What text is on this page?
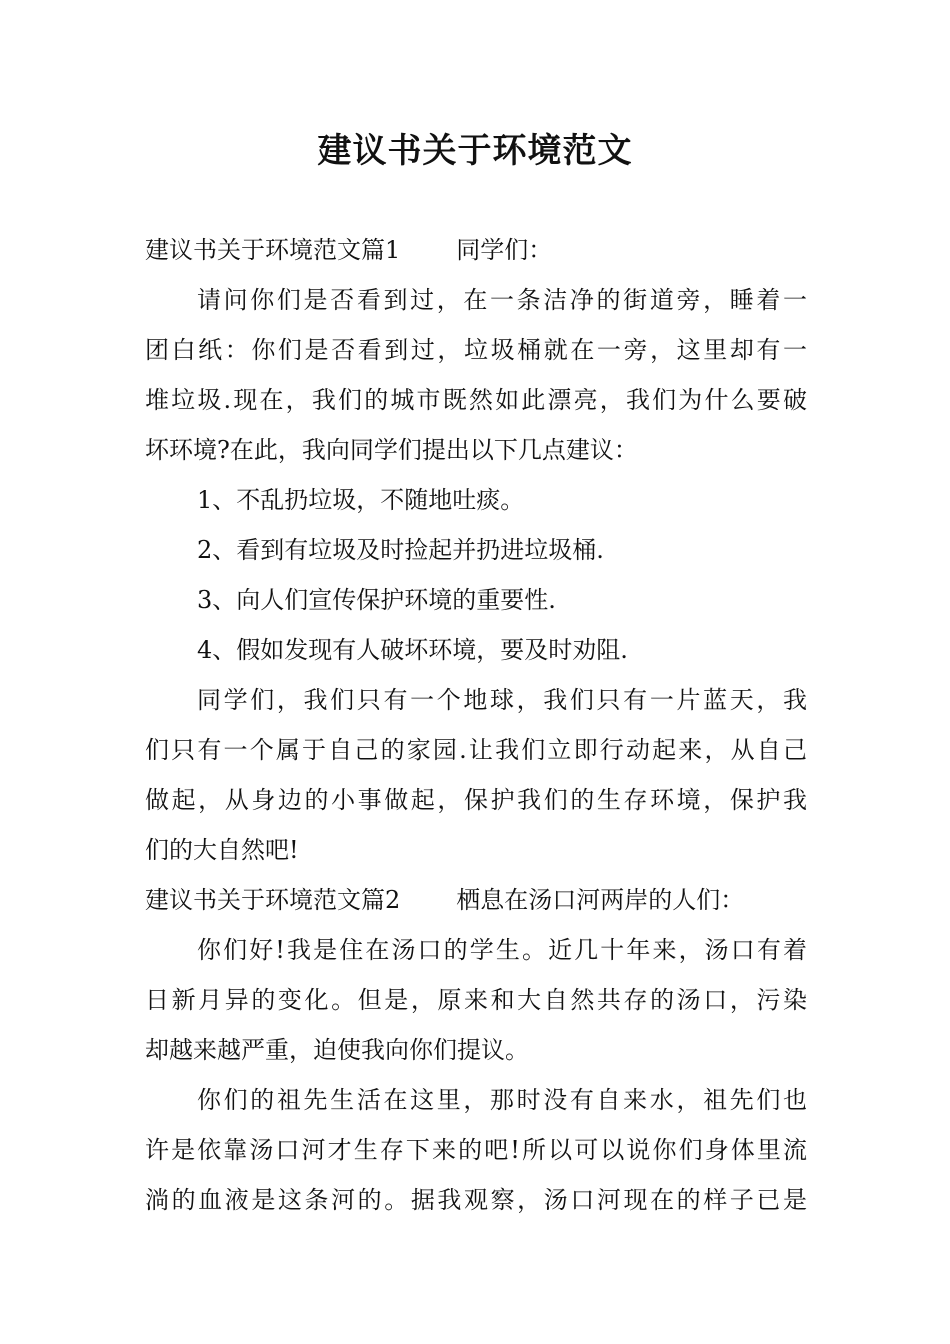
建议书关于环境范文
建议书关于环境范文篇1 同学们：
请问你们是否看到过，在一条洁净的街道旁，睡着一
团白纸：你们是否看到过，垃圾桶就在一旁，这里却有一
堆垃圾.现在，我们的城市既然如此漂亮，我们为什么要破
坏环境?在此，我向同学们提出以下几点建议：
1、不乱扔垃圾，不随地吐痰。
2、看到有垃圾及时捡起并扔进垃圾桶.
3、向人们宣传保护环境的重要性.
4、假如发现有人破坏环境，要及时劝阻.
同学们，我们只有一个地球，我们只有一片蓝天，我
们只有一个属于自己的家园.让我们立即行动起来，从自己
做起，从身边的小事做起，保护我们的生存环境，保护我
们的大自然吧!
建议书关于环境范文篇2 栖息在汤口河两岸的人们：
你们好!我是住在汤口的学生。近几十年来，汤口有着
日新月异的变化。但是，原来和大自然共存的汤口，污染
却越来越严重，迫使我向你们提议。
你们的祖先生活在这里，那时没有自来水，祖先们也
许是依靠汤口河才生存下来的吧!所以可以说你们身体里流
淌的血液是这条河的。据我观察，汤口河现在的样子已是
